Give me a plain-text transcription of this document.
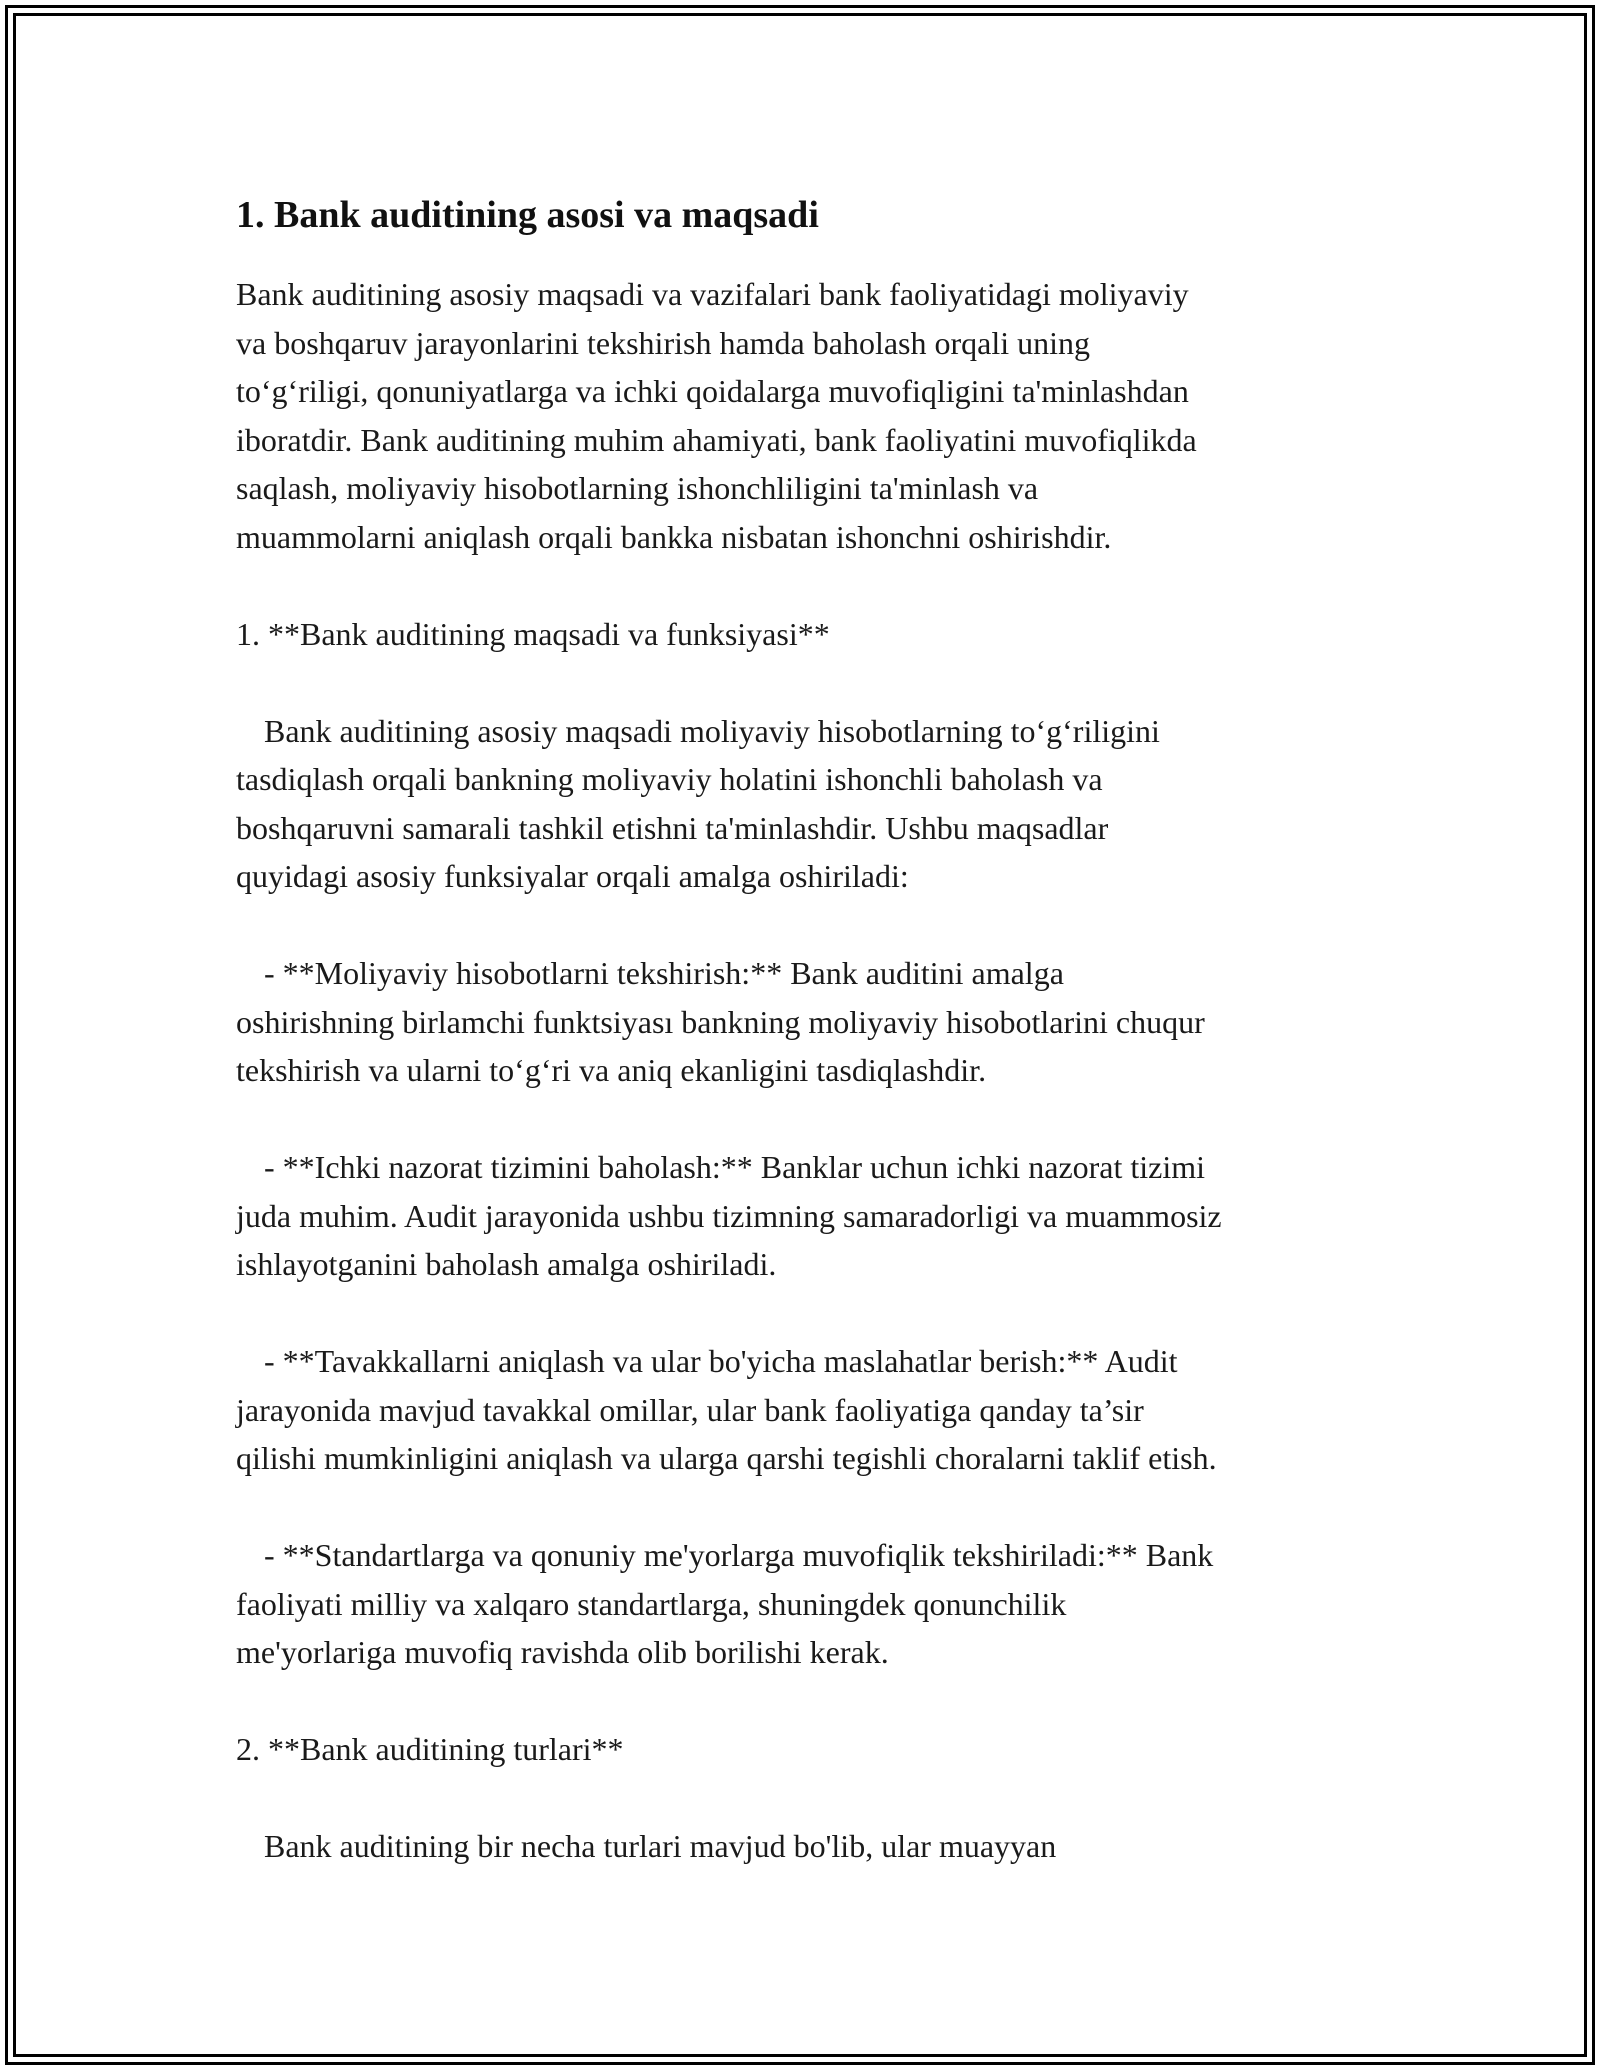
1. Bank auditining asosi va maqsadi

Bank auditining asosiy maqsadi va vazifalari bank faoliyatidagi moliyaviy
va boshqaruv jarayonlarini tekshirish hamda baholash orqali uning
to‘g‘riligi, qonuniyatlarga va ichki qoidalarga muvofiqligini ta'minlashdan
iboratdir. Bank auditining muhim ahamiyati, bank faoliyatini muvofiqlikda
saqlash, moliyaviy hisobotlarning ishonchliligini ta'minlash va
muammolarni aniqlash orqali bankka nisbatan ishonchni oshirishdir.

1. **Bank auditining maqsadi va funksiyasi**

Bank auditining asosiy maqsadi moliyaviy hisobotlarning to‘g‘riligini
tasdiqlash orqali bankning moliyaviy holatini ishonchli baholash va
boshqaruvni samarali tashkil etishni ta'minlashdir. Ushbu maqsadlar
quyidagi asosiy funksiyalar orqali amalga oshiriladi:

- **Moliyaviy hisobotlarni tekshirish:** Bank auditini amalga
oshirishning birlamchi funktsiyası bankning moliyaviy hisobotlarini chuqur
tekshirish va ularni to‘g‘ri va aniq ekanligini tasdiqlashdir.

- **Ichki nazorat tizimini baholash:** Banklar uchun ichki nazorat tizimi
juda muhim. Audit jarayonida ushbu tizimning samaradorligi va muammosiz
ishlayotganini baholash amalga oshiriladi.

- **Tavakkallarni aniqlash va ular bo'yicha maslahatlar berish:** Audit
jarayonida mavjud tavakkal omillar, ular bank faoliyatiga qanday ta’sir
qilishi mumkinligini aniqlash va ularga qarshi tegishli choralarni taklif etish.

- **Standartlarga va qonuniy me'yorlarga muvofiqlik tekshiriladi:** Bank
faoliyati milliy va xalqaro standartlarga, shuningdek qonunchilik
me'yorlariga muvofiq ravishda olib borilishi kerak.

2. **Bank auditining turlari**

Bank auditining bir necha turlari mavjud bo'lib, ular muayyan
